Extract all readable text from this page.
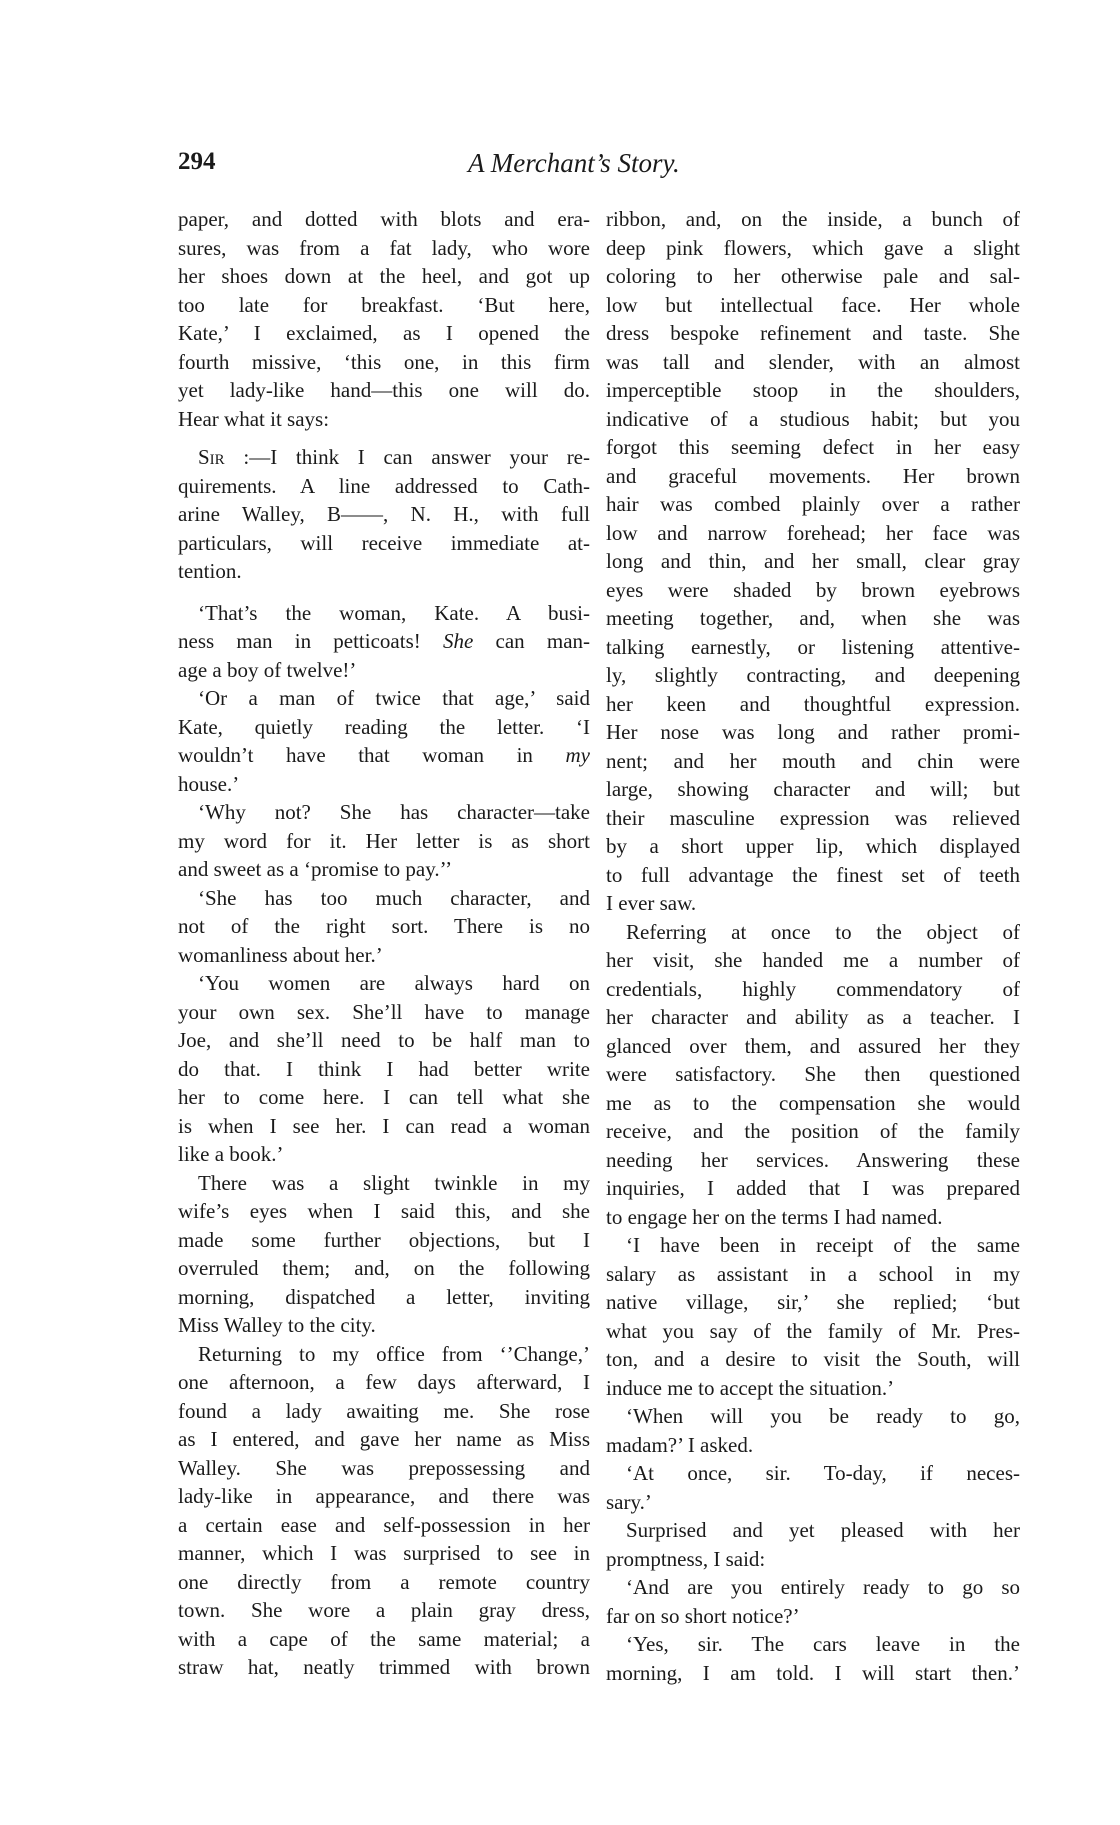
294	A Merchant’s Story.
paper, and dotted with blots and era-
sures, was from a fat lady, who wore
her shoes down at the heel, and got up
too late for breakfast. ‘But here,
Kate,’ I exclaimed, as I opened the
fourth missive, ‘this one, in this firm
yet lady-like hand—this one will do.
Hear what it says:
Sir :—I think I can answer your re-
quirements. A line addressed to Cath-
arine Walley, B——, N. H., with full
particulars, will receive immediate at-
tention.
‘That’s the woman, Kate. A busi-
ness man in petticoats! She can man-
age a boy of twelve!’
‘Or a man of twice that age,’ said
Kate, quietly reading the letter. ‘I
wouldn’t have that woman in my
house.’
‘Why not? She has character—take
my word for it. Her letter is as short
and sweet as a ‘promise to pay.’’
‘She has too much character, and
not of the right sort. There is no
womanliness about her.’
‘You women are always hard on
your own sex. She’ll have to manage
Joe, and she’ll need to be half man to
do that. I think I had better write
her to come here. I can tell what she
is when I see her. I can read a woman
like a book.’
There was a slight twinkle in my
wife’s eyes when I said this, and she
made some further objections, but I
overruled them; and, on the following
morning, dispatched a letter, inviting
Miss Walley to the city.
Returning to my office from ‘’Change,’
one afternoon, a few days afterward, I
found a lady awaiting me. She rose
as I entered, and gave her name as Miss
Walley. She was prepossessing and
lady-like in appearance, and there was
a certain ease and self-possession in her
manner, which I was surprised to see in
one directly from a remote country
town. She wore a plain gray dress,
with a cape of the same material; a
straw hat, neatly trimmed with brown
ribbon, and, on the inside, a bunch of
deep pink flowers, which gave a slight
coloring to her otherwise pale and sal-
low but intellectual face. Her whole
dress bespoke refinement and taste. She
was tall and slender, with an almost
imperceptible stoop in the shoulders,
indicative of a studious habit; but you
forgot this seeming defect in her easy
and graceful movements. Her brown
hair was combed plainly over a rather
low and narrow forehead; her face was
long and thin, and her small, clear gray
eyes were shaded by brown eyebrows
meeting together, and, when she was
talking earnestly, or listening attentive-
ly, slightly contracting, and deepening
her keen and thoughtful expression.
Her nose was long and rather promi-
nent; and her mouth and chin were
large, showing character and will; but
their masculine expression was relieved
by a short upper lip, which displayed
to full advantage the finest set of teeth
I ever saw.
Referring at once to the object of
her visit, she handed me a number of
credentials, highly commendatory of
her character and ability as a teacher. I
glanced over them, and assured her they
were satisfactory. She then questioned
me as to the compensation she would
receive, and the position of the family
needing her services. Answering these
inquiries, I added that I was prepared
to engage her on the terms I had named.
‘I have been in receipt of the same
salary as assistant in a school in my
native village, sir,’ she replied; ‘but
what you say of the family of Mr. Pres-
ton, and a desire to visit the South, will
induce me to accept the situation.’
‘When will you be ready to go,
madam?’ I asked.
‘At once, sir. To-day, if neces-
sary.’
Surprised and yet pleased with her
promptness, I said:
‘And are you entirely ready to go so
far on so short notice?’
‘Yes, sir. The cars leave in the
morning, I am told. I will start then.’
